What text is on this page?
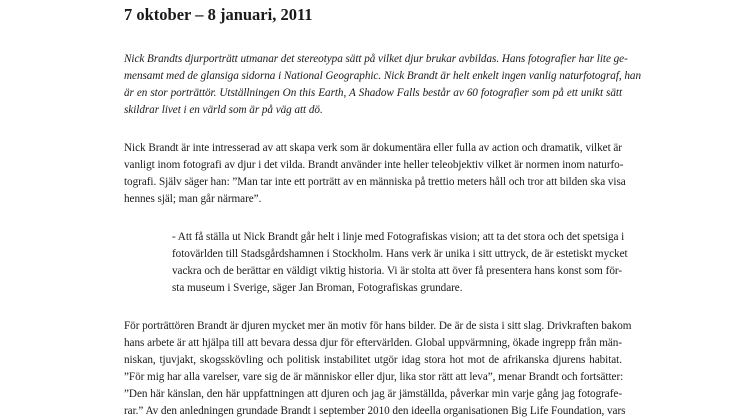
7 oktober – 8 januari, 2011

Nick Brandts djurporträtt utmanar det stereotypa sätt på vilket djur brukar avbildas. Hans fotografier har lite ge-

mensamt med de glansiga sidorna i National Geographic. Nick Brandt är helt enkelt ingen vanlig naturfotograf, han

är en stor porträttör. Utställningen On this Earth, A Shadow Falls består av 60 fotografier som på ett unikt sätt

skildrar livet i en värld som är på väg att dö.

Nick Brandt är inte intresserad av att skapa verk som är dokumentära eller fulla av action och dramatik, vilket är

vanligt inom fotografi av djur i det vilda. Brandt använder inte heller teleobjektiv vilket är normen inom naturfo-

tografi. Själv säger han: ”Man tar inte ett porträtt av en människa på trettio meters håll och tror att bilden ska visa

hennes själ; man går närmare”.

- Att få ställa ut Nick Brandt går helt i linje med Fotografiskas vision; att ta det stora och det spetsiga i

fotovärlden till Stadsgårdshamnen i Stockholm. Hans verk är unika i sitt uttryck, de är estetiskt mycket

vackra och de berättar en väldigt viktig historia. Vi är stolta att över få presentera hans konst som för-

sta museum i Sverige, säger Jan Broman, Fotografiskas grundare.

För porträttören Brandt är djuren mycket mer än motiv för hans bilder. De är de sista i sitt slag. Drivkraften bakom

hans arbete är att hjälpa till att bevara dessa djur för eftervärlden. Global uppvärmning, ökade ingrepp från män-

niskan, tjuvjakt, skogsskövling och politisk instabilitet utgör idag stora hot mot de afrikanska djurens habitat.

”För mig har alla varelser, vare sig de är människor eller djur, lika stor rätt att leva”, menar Brandt och fortsätter:

”Den här känslan, den här uppfattningen att djuren och jag är jämställda, påverkar min varje gång jag fotografe-

rar.” Av den anledningen grundade Brandt i september 2010 den ideella organisationen Big Life Foundation, vars
